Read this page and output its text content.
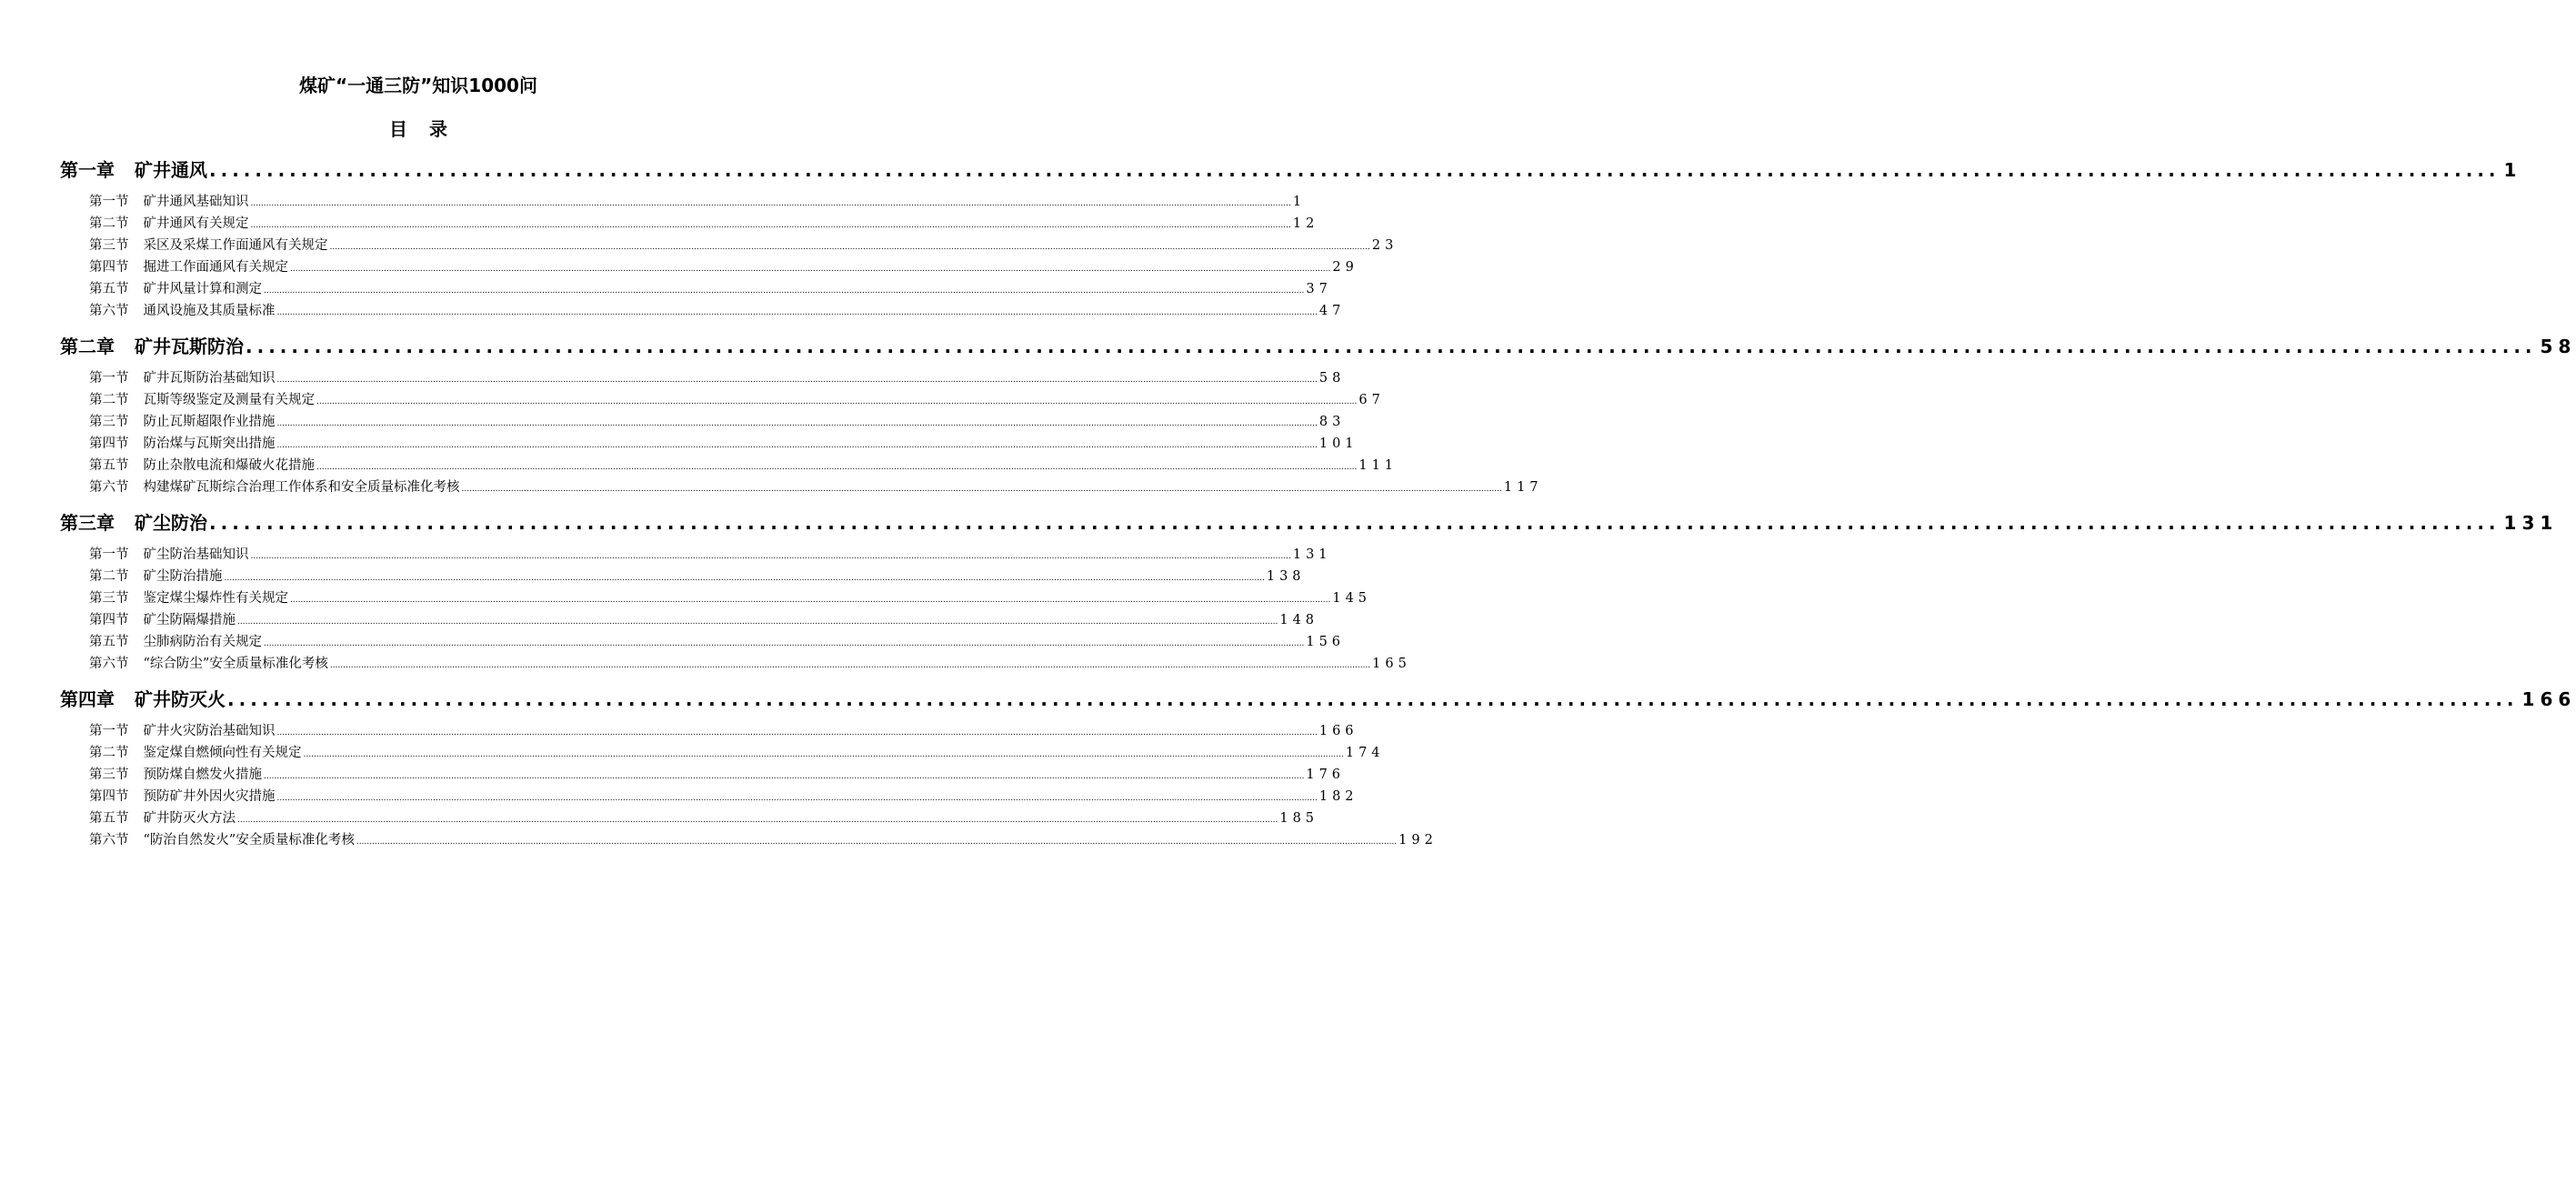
煤矿“一通三防”知识1000问
目录
第一章 矿井通风 ........................................................................................................................................................................................................ 1
第一节 矿井通风基础知识 ................................................................................................................................................................................................................................................................................................................................................................................................................ 1
第二节 矿井通风有关规定 ................................................................................................................................................................................................................................................................................................................................................................................................................ 12
第三节 采区及采煤工作面通风有关规定 ................................................................................................................................................................................................................................................................................................................................................................................................................ 23
第四节 掘进工作面通风有关规定 ................................................................................................................................................................................................................................................................................................................................................................................................................ 29
第五节 矿井风量计算和测定 ................................................................................................................................................................................................................................................................................................................................................................................................................ 37
第六节 通风设施及其质量标准 ................................................................................................................................................................................................................................................................................................................................................................................................................ 47
第二章 矿井瓦斯防治 ........................................................................................................................................................................................................ 58
第一节 矿井瓦斯防治基础知识 ................................................................................................................................................................................................................................................................................................................................................................................................................ 58
第二节 瓦斯等级鉴定及测量有关规定 ................................................................................................................................................................................................................................................................................................................................................................................................................ 67
第三节 防止瓦斯超限作业措施 ................................................................................................................................................................................................................................................................................................................................................................................................................ 83
第四节 防治煤与瓦斯突出措施 ................................................................................................................................................................................................................................................................................................................................................................................................................ 101
第五节 防止杂散电流和爆破火花措施 ................................................................................................................................................................................................................................................................................................................................................................................................................ 111
第六节 构建煤矿瓦斯综合治理工作体系和安全质量标准化考核 ................................................................................................................................................................................................................................................................................................................................................................................................................ 117
第三章 矿尘防治 ........................................................................................................................................................................................................ 131
第一节 矿尘防治基础知识 ................................................................................................................................................................................................................................................................................................................................................................................................................ 131
第二节 矿尘防治措施 ................................................................................................................................................................................................................................................................................................................................................................................................................ 138
第三节 鉴定煤尘爆炸性有关规定 ................................................................................................................................................................................................................................................................................................................................................................................................................ 145
第四节 矿尘防隔爆措施 ................................................................................................................................................................................................................................................................................................................................................................................................................ 148
第五节 尘肺病防治有关规定 ................................................................................................................................................................................................................................................................................................................................................................................................................ 156
第六节 “综合防尘”安全质量标准化考核 ................................................................................................................................................................................................................................................................................................................................................................................................................ 165
第四章 矿井防灭火 ........................................................................................................................................................................................................ 166
第一节 矿井火灾防治基础知识 ................................................................................................................................................................................................................................................................................................................................................................................................................ 166
第二节 鉴定煤自燃倾向性有关规定 ................................................................................................................................................................................................................................................................................................................................................................................................................ 174
第三节 预防煤自燃发火措施 ................................................................................................................................................................................................................................................................................................................................................................................................................ 176
第四节 预防矿井外因火灾措施 ................................................................................................................................................................................................................................................................................................................................................................................................................ 182
第五节 矿井防灭火方法 ................................................................................................................................................................................................................................................................................................................................................................................................................ 185
第六节 “防治自然发火”安全质量标准化考核 ................................................................................................................................................................................................................................................................................................................................................................................................................ 192
